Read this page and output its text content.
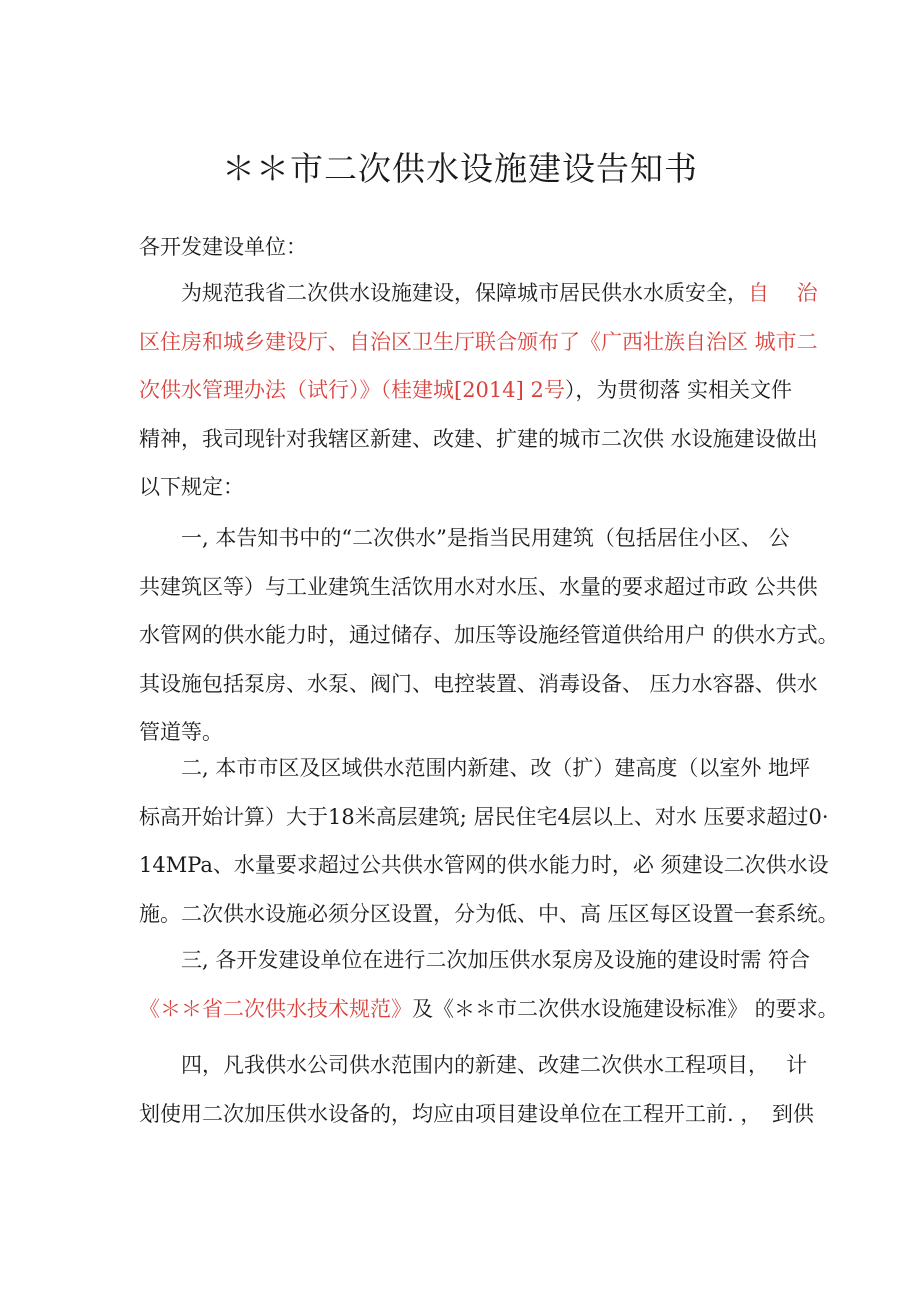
＊＊市二次供水设施建设告知书
各开发建设单位：
为规范我省二次供水设施建设，保障城市居民供水水质安全，自　 治
区住房和城乡建设厅、自治区卫生厅联合颁布了《广西壮族自治区 城市二
次供水管理办法（试行）》（桂建城[2014] 2号），为贯彻落 实相关文件
精神，我司现针对我辖区新建、改建、扩建的城市二次供 水设施建设做出
以下规定：
一, 本告知书中的“二次供水”是指当民用建筑（包括居住小区、 公
共建筑区等）与工业建筑生活饮用水对水压、水量的要求超过市政 公共供
水管网的供水能力时，通过储存、加压等设施经管道供给用户 的供水方式。
其设施包括泵房、水泵、阀门、电控装置、消毒设备、 压力水容器、供水
管道等。
二, 本市市区及区域供水范围内新建、改（扩）建高度（以室外 地坪
标高开始计算）大于18米高层建筑; 居民住宅4层以上、对水 压要求超过0·
14MPa、水量要求超过公共供水管网的供水能力时，必 须建设二次供水设
施。二次供水设施必须分区设置，分为低、中、高 压区每区设置一套系统。
三, 各开发建设单位在进行二次加压供水泵房及设施的建设时需 符合
《＊＊省二次供水技术规范》及《＊＊市二次供水设施建设标准》 的要求。
四，凡我供水公司供水范围内的新建、改建二次供水工程项目，　 计
划使用二次加压供水设备的，均应由项目建设单位在工程开工前. ，　到供
